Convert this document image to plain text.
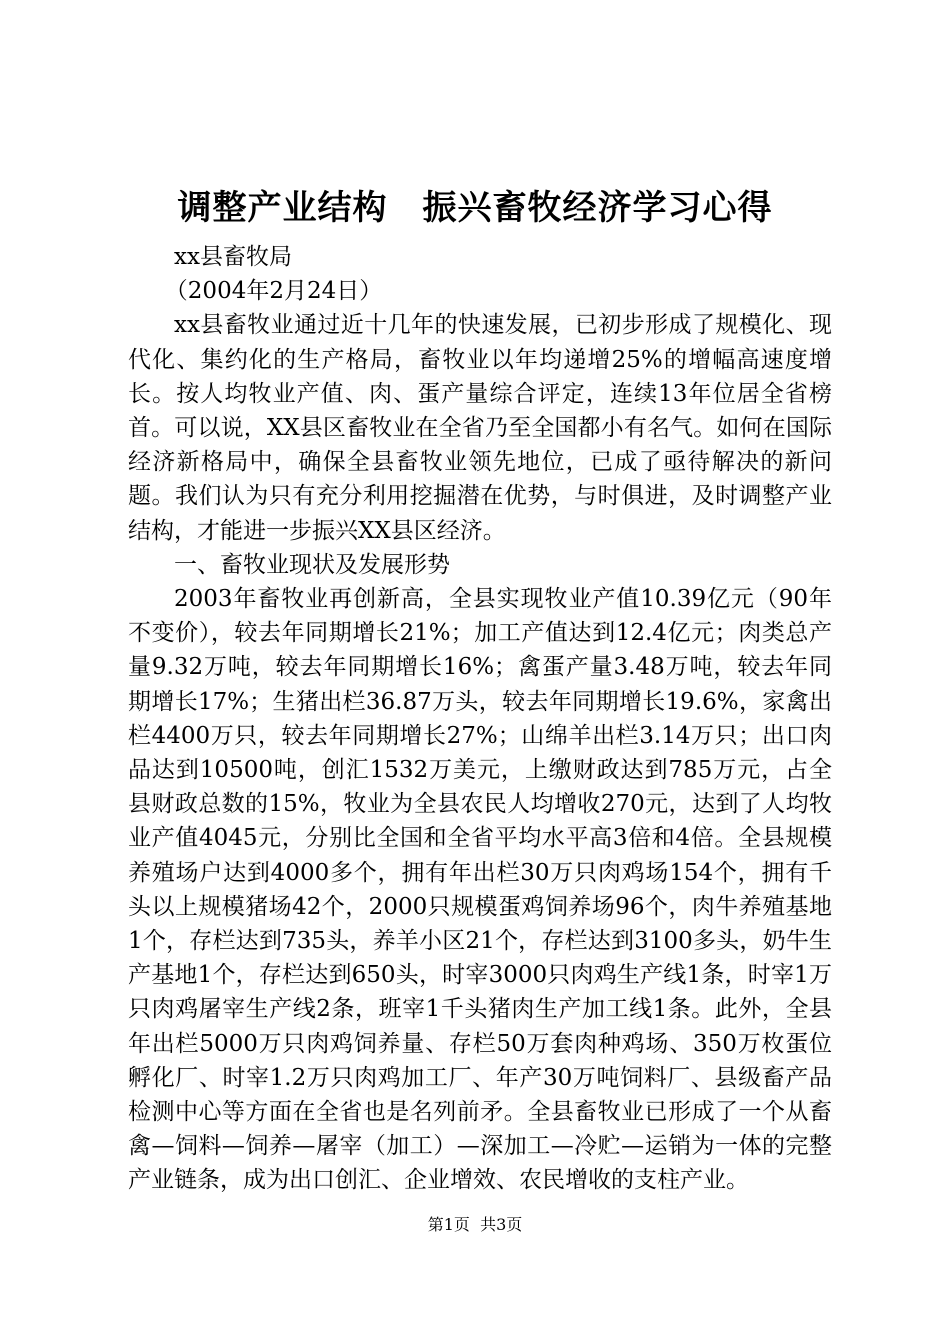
调整产业结构　振兴畜牧经济学习心得

xx县畜牧局

（2004年2月24日）

xx县畜牧业通过近十几年的快速发展，已初步形成了规模化、现代化、集约化的生产格局，畜牧业以年均递增25%的增幅高速度增长。按人均牧业产值、肉、蛋产量综合评定，连续13年位居全省榜首。可以说，XX县区畜牧业在全省乃至全国都小有名气。如何在国际经济新格局中，确保全县畜牧业领先地位，已成了亟待解决的新问题。我们认为只有充分利用挖掘潜在优势，与时俱进，及时调整产业结构，才能进一步振兴XX县区经济。

一、畜牧业现状及发展形势

2003年畜牧业再创新高，全县实现牧业产值10.39亿元（90年不变价），较去年同期增长21%；加工产值达到12.4亿元；肉类总产量9.32万吨，较去年同期增长16%；禽蛋产量3.48万吨，较去年同期增长17%；生猪出栏36.87万头，较去年同期增长19.6%，家禽出栏4400万只，较去年同期增长27%；山绵羊出栏3.14万只；出口肉品达到10500吨，创汇1532万美元，上缴财政达到785万元，占全县财政总数的15%，牧业为全县农民人均增收270元，达到了人均牧业产值4045元，分别比全国和全省平均水平高3倍和4倍。全县规模养殖场户达到4000多个，拥有年出栏30万只肉鸡场154个，拥有千头以上规模猪场42个，2000只规模蛋鸡饲养场96个，肉牛养殖基地1个，存栏达到735头，养羊小区21个，存栏达到3100多头，奶牛生产基地1个，存栏达到650头，时宰3000只肉鸡生产线1条，时宰1万只肉鸡屠宰生产线2条，班宰1千头猪肉生产加工线1条。此外，全县年出栏5000万只肉鸡饲养量、存栏50万套肉种鸡场、350万枚蛋位孵化厂、时宰1.2万只肉鸡加工厂、年产30万吨饲料厂、县级畜产品检测中心等方面在全省也是名列前矛。全县畜牧业已形成了一个从畜禽—饲料—饲养—屠宰（加工）—深加工—冷贮—运销为一体的完整产业链条，成为出口创汇、企业增效、农民增收的支柱产业。

第1页  共3页
